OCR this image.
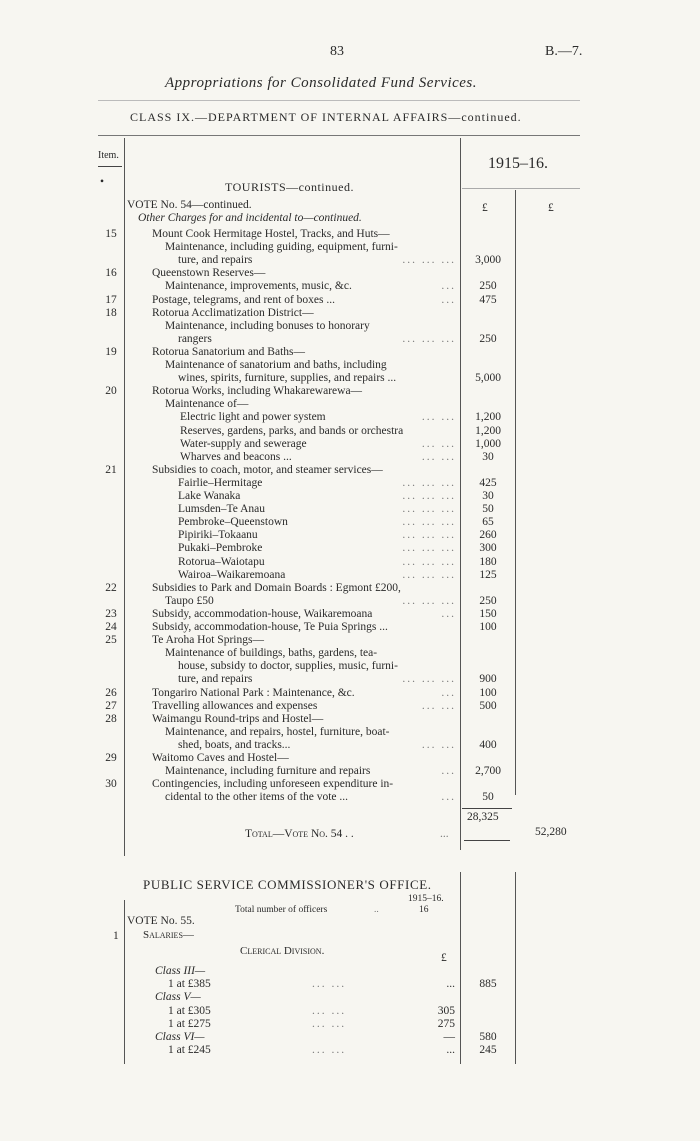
83	B.—7.
Appropriations for Consolidated Fund Services.
CLASS IX.—DEPARTMENT OF INTERNAL AFFAIRS—continued.
Item.	1915–16.
•	TOURISTS—continued.
VOTE No. 54—continued.	£	£
Other Charges for and incidental to—continued.
15	Mount Cook Hermitage Hostel, Tracks, and Huts—
Maintenance, including guiding, equipment, furni-
ture, and repairs	... ... ...	3,000
16	Queenstown Reserves—
Maintenance, improvements, music, &c.	...	250
17	Postage, telegrams, and rent of boxes ...	...	475
18	Rotorua Acclimatization District—
Maintenance, including bonuses to honorary
rangers	... ... ...	250
19	Rotorua Sanatorium and Baths—
Maintenance of sanatorium and baths, including
wines, spirits, furniture, supplies, and repairs ...	5,000
20	Rotorua Works, including Whakarewarewa—
Maintenance of—
Electric light and power system	... ...	1,200
Reserves, gardens, parks, and bands or orchestra	1,200
Water-supply and sewerage	... ...	1,000
Wharves and beacons ...	... ...	30
21	Subsidies to coach, motor, and steamer services—
Fairlie–Hermitage	... ... ...	425
Lake Wanaka	... ... ...	30
Lumsden–Te Anau	... ... ...	50
Pembroke–Queenstown	... ... ...	65
Pipiriki–Tokaanu	... ... ...	260
Pukaki–Pembroke	... ... ...	300
Rotorua–Waiotapu	... ... ...	180
Wairoa–Waikaremoana	... ... ...	125
22	Subsidies to Park and Domain Boards : Egmont £200,
Taupo £50	... ... ...	250
23	Subsidy, accommodation-house, Waikaremoana	...	150
24	Subsidy, accommodation-house, Te Puia Springs ...	100
25	Te Aroha Hot Springs—
Maintenance of buildings, baths, gardens, tea-
house, subsidy to doctor, supplies, music, furni-
ture, and repairs	... ... ...	900
26	Tongariro National Park : Maintenance, &c.	...	100
27	Travelling allowances and expenses	... ...	500
28	Waimangu Round-trips and Hostel—
Maintenance, and repairs, hostel, furniture, boat-
shed, boats, and tracks...	... ...	400
29	Waitomo Caves and Hostel—
Maintenance, including furniture and repairs	...	2,700
30	Contingencies, including unforeseen expenditure in-
cidental to the other items of the vote ...	...	50
28,325
Total—Vote No. 54 . .	...	52,280
PUBLIC SERVICE COMMISSIONER'S OFFICE.
1915–16.
Total number of officers	..	16
VOTE No. 55.
1 Salaries—
Clerical Division.
£
Class III—
1 at £385	... ...	...	885
Class V—
1 at £305	... ...	305
1 at £275	... ...	275
Class VI—	—	580
1 at £245	... ...	...	245
